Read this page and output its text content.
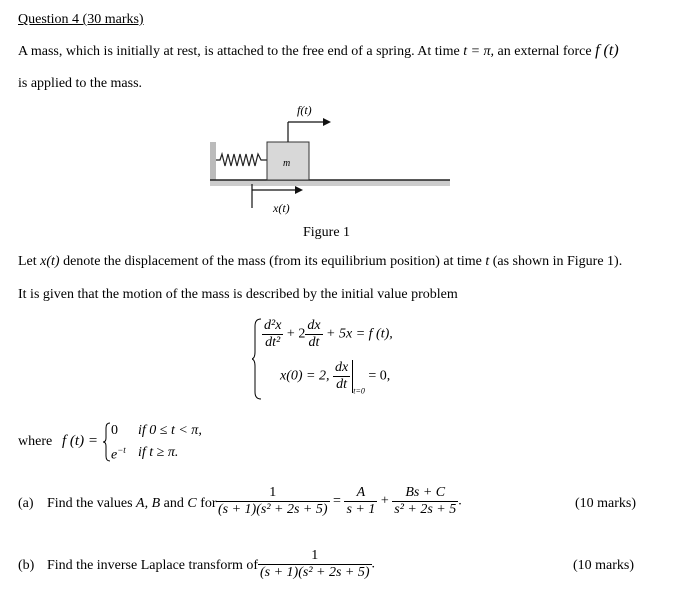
Question 4 (30 marks)
A mass, which is initially at rest, is attached to the free end of a spring. At time t = π, an external force f (t)
is applied to the mass.
m
f(t)
x(t)
Figure 1
Let x(t) denote the displacement of the mass (from its equilibrium position) at time t (as shown in Figure 1).
It is given that the motion of the mass is described by the initial value problem
$\frac{\text{d²x}}{\text{dt²}} + 2 \frac{dx}{dt} + 5x = f$ (t),
x(0) = 2, $\frac{dx}{dt} _{t=0} = 0$,
where f (t) =
0 if 0 ≤ t < π,
$e^{-t}$ if t ≥ π.
(a) Find the values A, B and C for $\frac{1}{\text{(s + 1)(s² + 2s + 5)}} = \frac{A}{s + 1} + \frac{Bs + C}{\text{s² + 2s + 5}}$ .	(10 marks)
(b) Find the inverse Laplace transform of $\frac{1}{\text{(s + 1)(s² + 2s + 5)}}$ .	(10 marks)
